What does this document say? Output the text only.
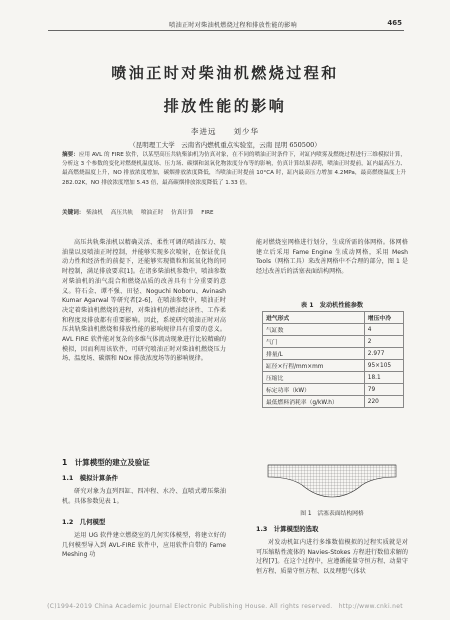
喷油正时对柴油机燃烧过程和排放性能的影响	465
喷油正时对柴油机燃烧过程和
排放性能的影响
李进远　　刘少华
（昆明理工大学　云南省内燃机重点实验室，云南 昆明 650500）
摘要：应用 AVL 的 FIRE 软件，以某型高压共轨柴油机为仿真对象，在不同的喷油正时条件下，对缸内喷雾及燃烧过程进行三维模拟计算，分析这 3 个参数的变化对燃烧机温度场、压力场、碳烟和氮氧化物浓度分布等的影响，仿真计算结果表明，喷油正时提前，缸内最高压力、最高燃烧温度上升，NO 排放浓度增加，碳烟排放浓度降低，当喷油正时提前 10°CA 时，缸内最高压力增加 4.2MPa，最高燃烧温度上升 282.02K，NO 排放浓度增加 5.43 倍，最高碳烟排放浓度降低了 1.33 倍。
关键词： 柴油机 高压共轨 喷油正时 仿真计算 FIRE

高压共轨柴油机以精确灵活、柔性可调的喷油压力、喷油量以及喷油正时控制，并能够实现多次喷射，在保证优良动力性和经济性的前提下，还能够实现微粒和氮氧化物的同时控制，满足排放要求[1]。在诸多柴油机参数中，喷油参数对柴油机的油气混合和燃烧品质的改善具有十分重要的意义。符石金、谭不强、田径、Noguchi Noboru、Avinash Kumar Agarwal 等研究者[2-6]，在喷油参数中，喷油正时决定着柴油机燃烧的进程，对柴油机的燃油经济性、工作柔和程度及排放都有重要影响。因此，系统研究喷油正时对高压共轨柴油机燃烧和排放性能的影响规律具有重要的意义。AVL FIRE 软件能对复杂的多维气体流动现象进行比较精确的模拟，因而利用该软件，可研究喷油正时对柴油机燃烧压力场、温度场、碳烟和 NOx 排放浓度场等的影响规律。

1　计算模型的建立及验证
1.1　模拟计算条件

研究对象为直列四缸、四冲程、水冷、直喷式增压柴油机。具体参数见表 1。

1.2　几何模型

运用 UG 软件建立燃烧室的几何实体模型，将建立好的几何模型导入到 AVL-FIRE 软件中，应用软件自带的 Fame Meshing 功

能对燃烧室网格进行划分，生成所需的体网格。体网格建立后采用 Fame Engine 生成动网格，采用 Mesh Tools（网格工具）来改善网格中不合理的部分，图 1 是经过改善后的活塞表面结构网格。

表 1　发动机性能参数
进气形式	增压中冷
气缸数	4
气门	2
排量/L	2.977
缸径×行程/mm×mm	95×105
压缩比	18.1
标定功率（kW）	79
最低燃料消耗率（g/kW.h）	220
图 1　活塞表面结构网格
1.3　计算模型的选取

对发动机缸内进行多维数值模拟的过程实质就是对可压缩粘性流体的 Navies-Stokes 方程进行数值求解的过程[7]。在这个过程中，应遵循能量守恒方程、动量守恒方程、质量守恒方程、以及理想气体状

(C)1994-2019 China Academic Journal Electronic Publishing House. All rights reserved.　http://www.cnki.net
